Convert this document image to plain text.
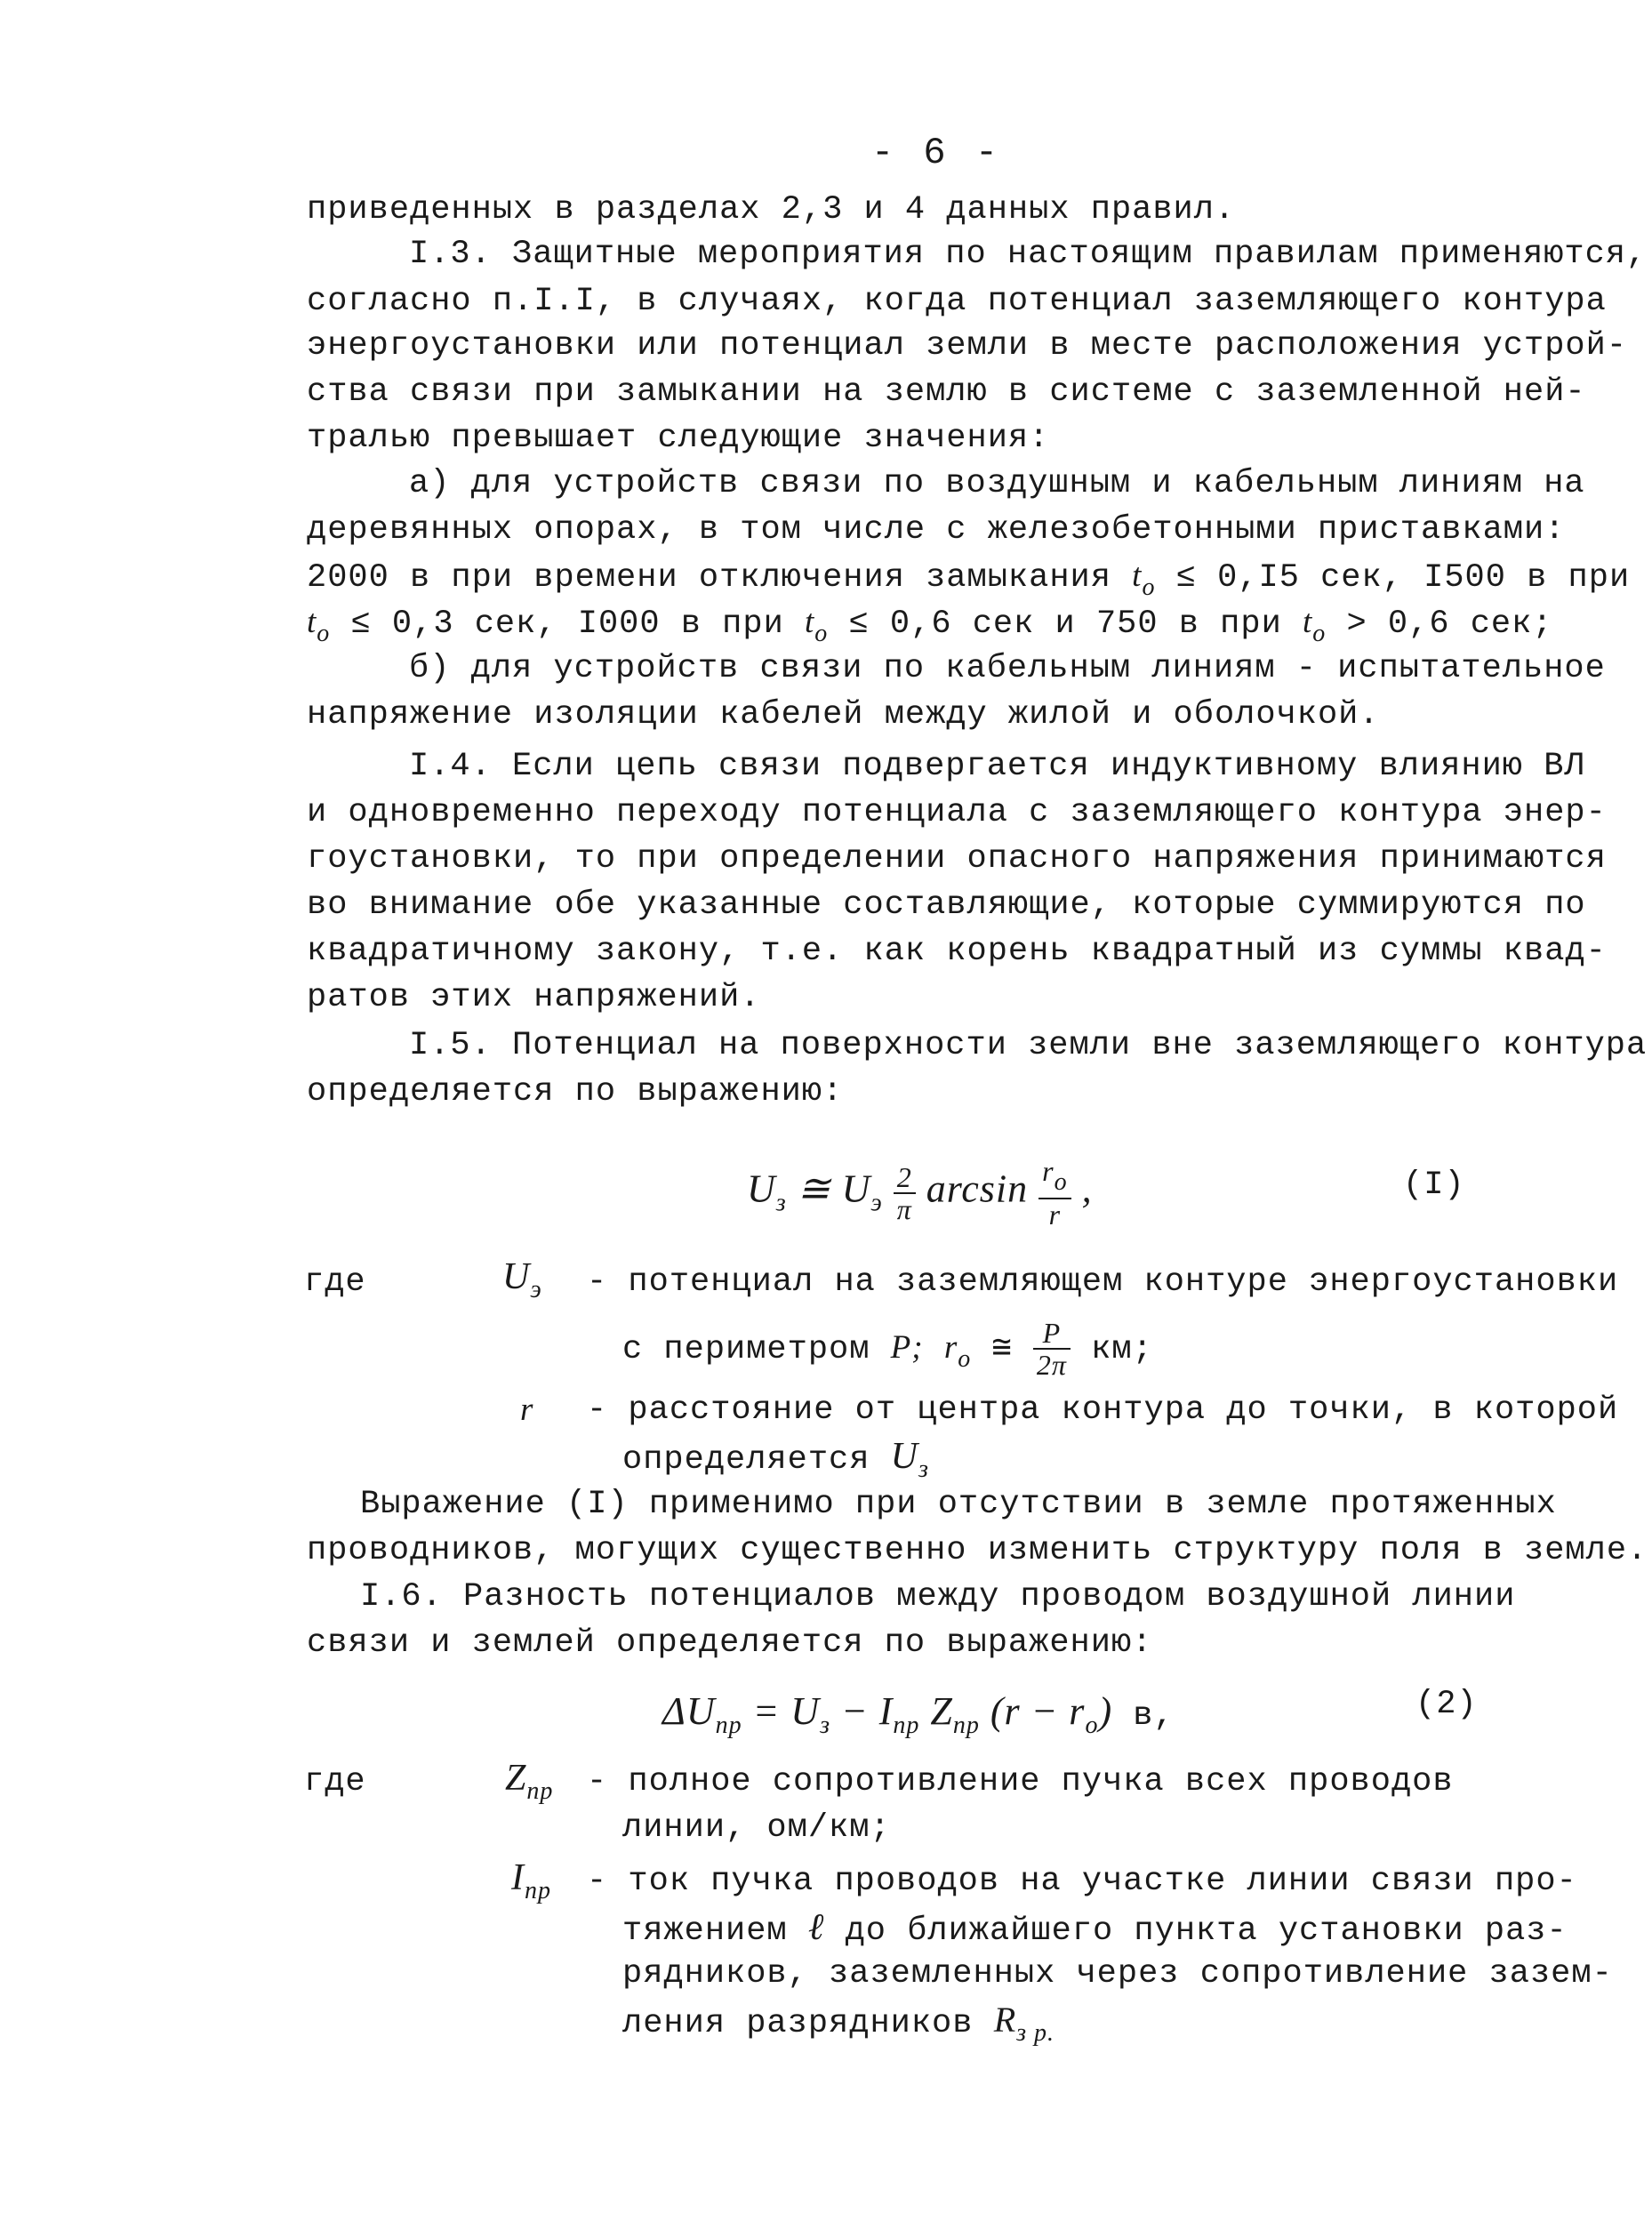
- 6 -
приведенных в разделах 2,3 и 4 данных правил.
I.3. Защитные мероприятия по настоящим правилам применяются,
согласно п.I.I, в случаях, когда потенциал заземляющего контура
энергоустановки или потенциал земли в месте расположения устрой-
ства связи при замыкании на землю в системе с заземленной ней-
тралью превышает следующие значения:
а) для устройств связи по воздушным и кабельным линиям на
деревянных опорах, в том числе с железобетонными приставками:
2000 в при времени отключения замыкания $t_o \le 0,I5$ сек, I500 в при
$t_o \le 0,3$ сек, I000 в при $t_o \le 0,6$ сек и 750 в при $t_o > 0,6$ сек;
б) для устройств связи по кабельным линиям - испытательное
напряжение изоляции кабелей между жилой и оболочкой.
I.4. Если цепь связи подвергается индуктивному влиянию ВЛ
и одновременно переходу потенциала с заземляющего контура энер-
гоустановки, то при определении опасного напряжения принимаются
во внимание обе указанные составляющие, которые суммируются по
квадратичному закону, т.е. как корень квадратный из суммы квад-
ратов этих напряжений.
I.5. Потенциал на поверхности земли вне заземляющего контура
определяется по выражению:
$U_з$ ≅ $U_э \frac{2}{\pi}$ $\arcsin \frac{ro}{r}$ ,	(I)
где	$U_э$ - потенциал на заземляющем контуре энергоустановки
с периметром P; $r_o$ ≅ $\frac{P}{2\pi}$ км;
r - расстояние от центра контура до точки, в которой
определяется $U_з$
Выражение (I) применимо при отсутствии в земле протяженных
проводников, могущих существенно изменить структуру поля в земле.
I.6. Разность потенциалов между проводом воздушной линии
связи и землей определяется по выражению:
$\Delta U_{пр} = U_з - I_{пр}$ $Z_{пр}$ $(r - r_o)$ в,	(2)
где	$Z_{пр}$ - полное сопротивление пучка всех проводов
линии, ом/км;
$I_{пр}$ - ток пучка проводов на участке линии связи про-
тяжением ℓ до ближайшего пункта установки раз-
рядников, заземленных через сопротивление зазем-
ления разрядников $R_{з р.}$
